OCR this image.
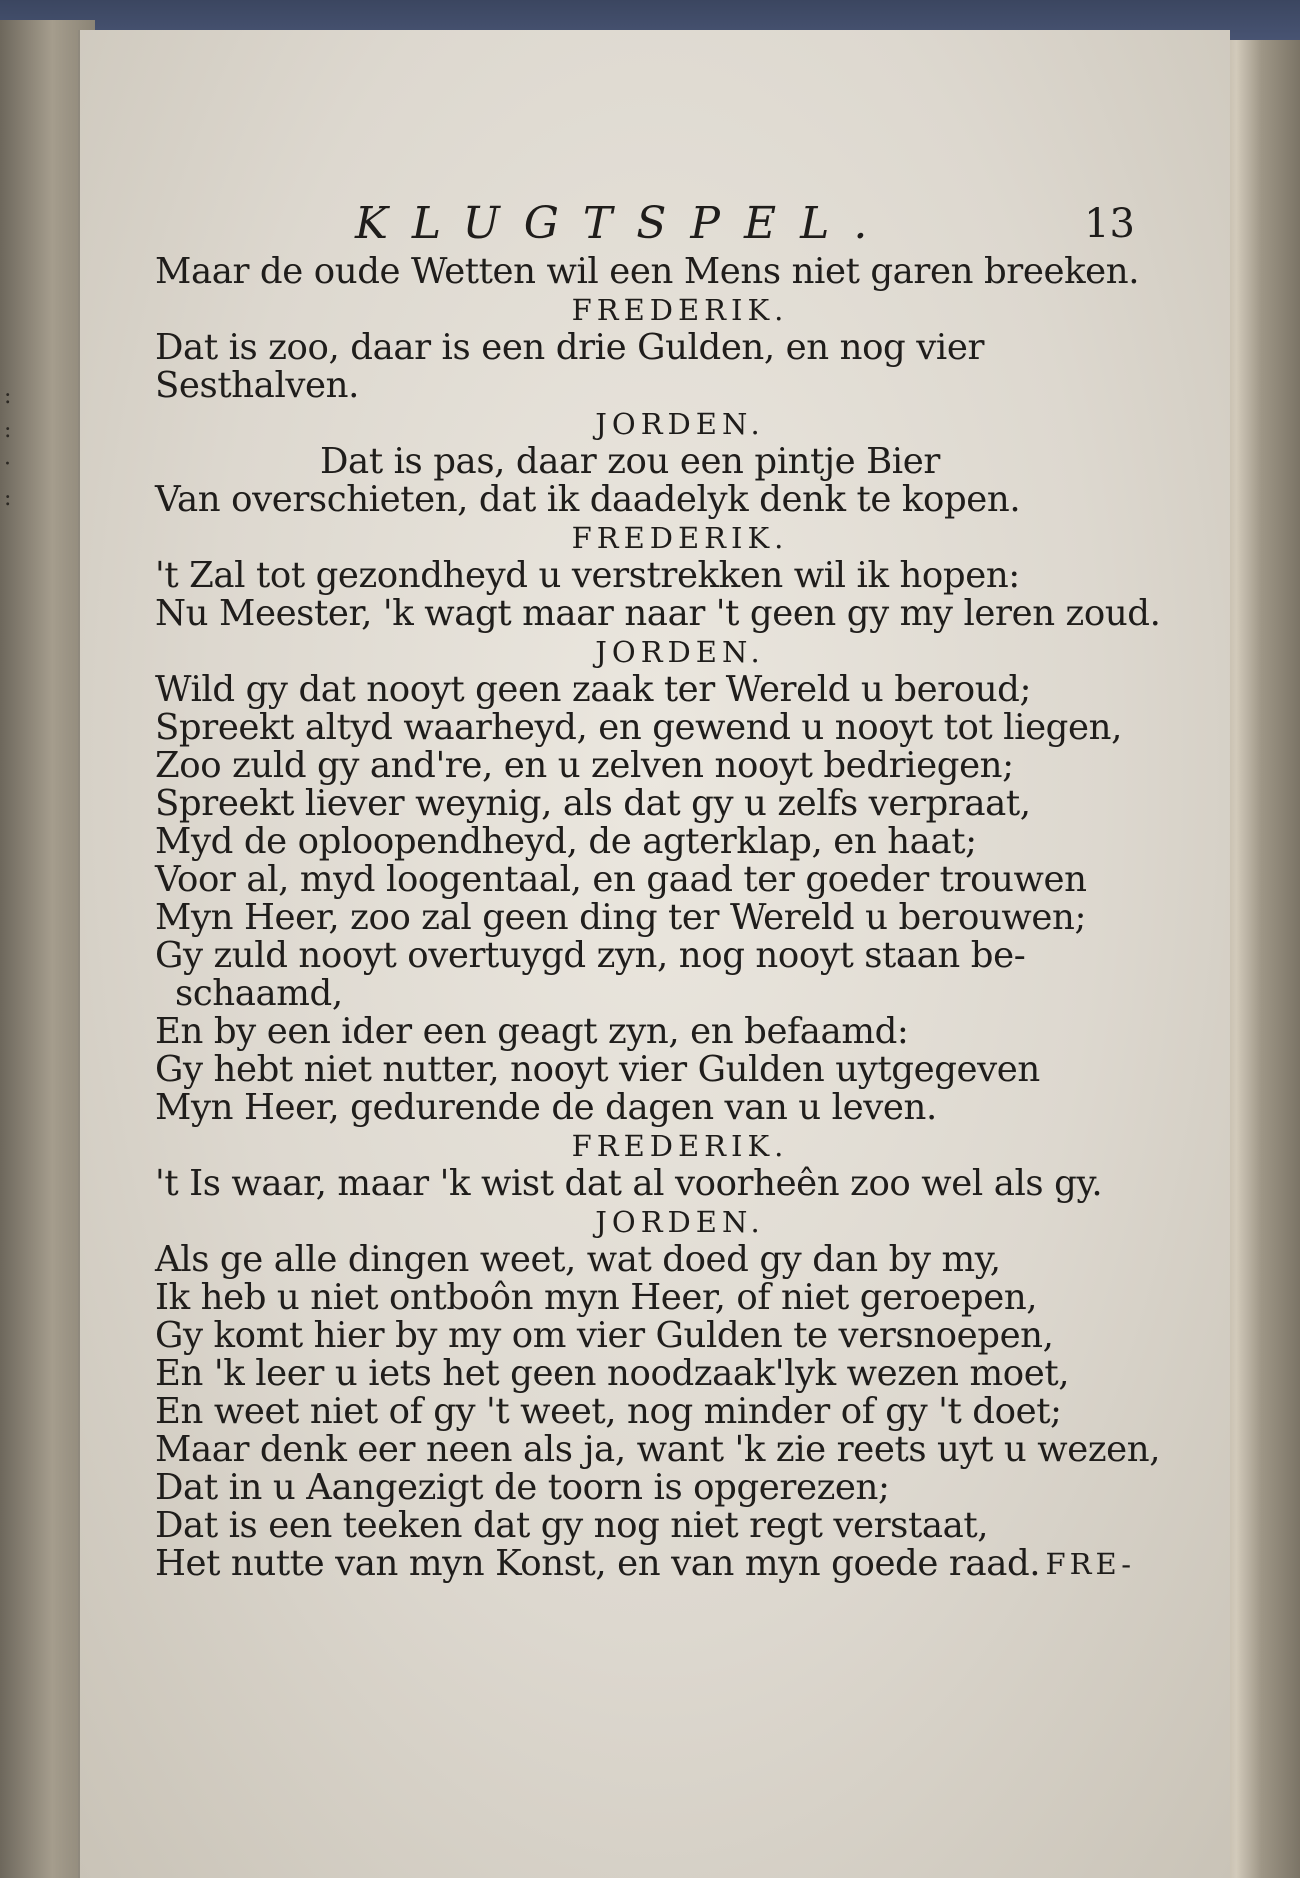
:
:
·
:
KLUGTSPEL.	13
Maar de oude Wetten wil een Mens niet garen breeken.
FREDERIK.
Dat is zoo, daar is een drie Gulden, en nog vier
Sesthalven.
JORDEN.
Dat is pas, daar zou een pintje Bier
Van overschieten, dat ik daadelyk denk te kopen.
FREDERIK.
't Zal tot gezondheyd u verstrekken wil ik hopen:
Nu Meester, 'k wagt maar naar 't geen gy my leren zoud.
JORDEN.
Wild gy dat nooyt geen zaak ter Wereld u beroud;
Spreekt altyd waarheyd, en gewend u nooyt tot liegen,
Zoo zuld gy and're, en u zelven nooyt bedriegen;
Spreekt liever weynig, als dat gy u zelfs verpraat,
Myd de oploopendheyd, de agterklap, en haat;
Voor al, myd loogentaal, en gaad ter goeder trouwen
Myn Heer, zoo zal geen ding ter Wereld u berouwen;
Gy zuld nooyt overtuygd zyn, nog nooyt staan be-
schaamd,
En by een ider een geagt zyn, en befaamd:
Gy hebt niet nutter, nooyt vier Gulden uytgegeven
Myn Heer, gedurende de dagen van u leven.
FREDERIK.
't Is waar, maar 'k wist dat al voorheên zoo wel als gy.
JORDEN.
Als ge alle dingen weet, wat doed gy dan by my,
Ik heb u niet ontboôn myn Heer, of niet geroepen,
Gy komt hier by my om vier Gulden te versnoepen,
En 'k leer u iets het geen noodzaak'lyk wezen moet,
En weet niet of gy 't weet, nog minder of gy 't doet;
Maar denk eer neen als ja, want 'k zie reets uyt u wezen,
Dat in u Aangezigt de toorn is opgerezen;
Dat is een teeken dat gy nog niet regt verstaat,
Het nutte van myn Konst, en van myn goede raad. FRE-
